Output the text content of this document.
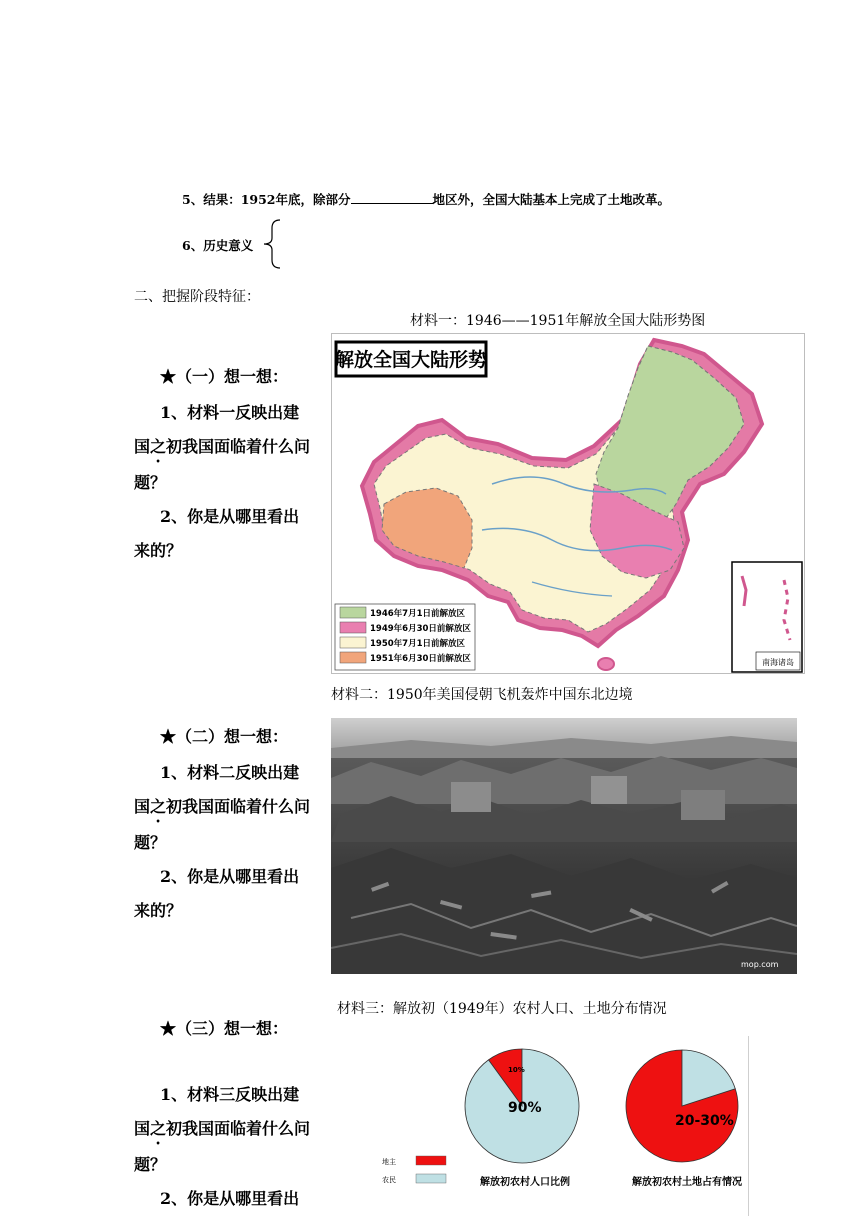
5、结果：1952年底，除部分	地区外，全国大陆基本上完成了土地改革。
6、历史意义
二、把握阶段特征：
材料一：1946——1951年解放全国大陆形势图
★（一）想一想：
1、材料一反映出建国之初我国面临着什么问题？
2、你是从哪里看出来的？
解放全国大陆形势
南海诸岛
1946年7月1日前解放区
1949年6月30日前解放区
1950年7月1日前解放区
1951年6月30日前解放区
材料二：1950年美国侵朝飞机轰炸中国东北边境
★（二）想一想：
1、材料二反映出建国之初我国面临着什么问题？
2、你是从哪里看出来的？
mop.com
材料三：解放初（1949年）农村人口、土地分布情况
★（三）想一想：
1、材料三反映出建国之初我国面临着什么问题？
2、你是从哪里看出
地主
农民
10%
90%
20-30%
解放初农村人口比例	解放初农村土地占有情况
